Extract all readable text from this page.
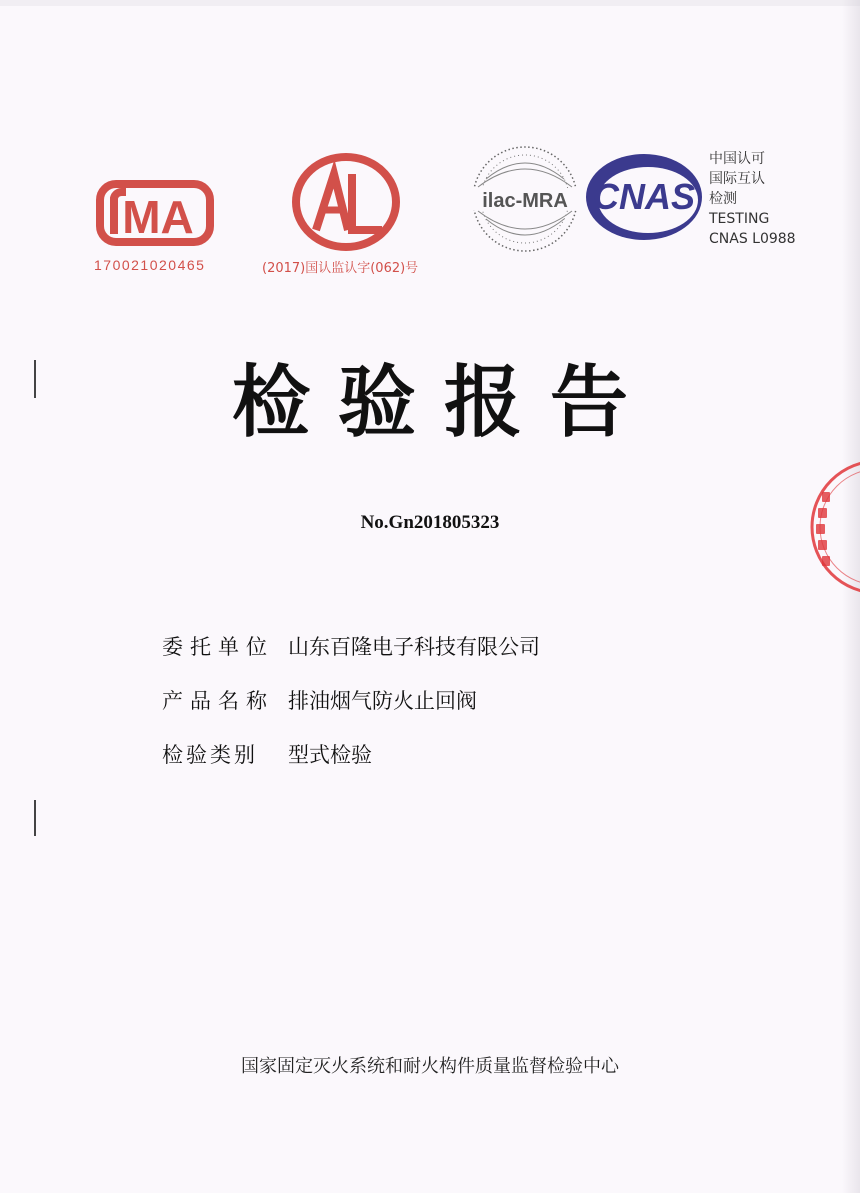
MA
170021020465	(2017)国认监认字(062)号
ilac-MRA CNAS
中国认可
国际互认
检测
TESTING
CNAS L0988
检验报告
No.Gn201805323
委托单位 山东百隆电子科技有限公司
产品名称 排油烟气防火止回阀
检验类别 型式检验
国家固定灭火系统和耐火构件质量监督检验中心
